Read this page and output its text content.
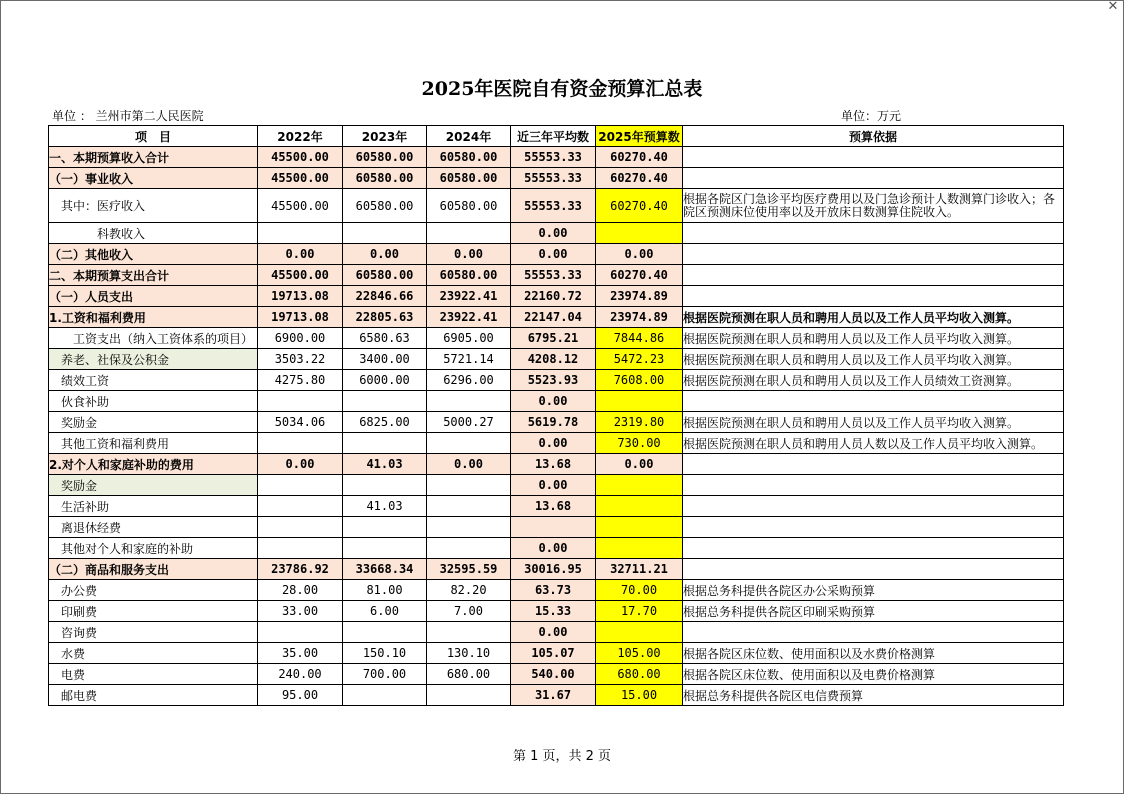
✕
2025年医院自有资金预算汇总表
单位 ： 兰州市第二人民医院	单位：万元
项　目	2022年	2023年	2024年	近三年平均数	2025年预算数	预算依据
一、本期预算收入合计	45500.00	60580.00	60580.00	55553.33	60270.40	
（一）事业收入	45500.00	60580.00	60580.00	55553.33	60270.40	
　其中：医疗收入	45500.00	60580.00	60580.00	55553.33	60270.40	根据各院区门急诊平均医疗费用以及门急诊预计人数测算门诊收入；各院区预测床位使用率以及开放床日数测算住院收入。
　　　　科教收入				0.00		
（二）其他收入	0.00	0.00	0.00	0.00	0.00	
二、本期预算支出合计	45500.00	60580.00	60580.00	55553.33	60270.40	
（一）人员支出	19713.08	22846.66	23922.41	22160.72	23974.89	
1.工资和福利费用	19713.08	22805.63	23922.41	22147.04	23974.89	根据医院预测在职人员和聘用人员以及工作人员平均收入测算。
　　工资支出（纳入工资体系的项目）	6900.00	6580.63	6905.00	6795.21	7844.86	根据医院预测在职人员和聘用人员以及工作人员平均收入测算。
　养老、社保及公积金	3503.22	3400.00	5721.14	4208.12	5472.23	根据医院预测在职人员和聘用人员以及工作人员平均收入测算。
　绩效工资	4275.80	6000.00	6296.00	5523.93	7608.00	根据医院预测在职人员和聘用人员以及工作人员绩效工资测算。
　伙食补助				0.00		
　奖励金	5034.06	6825.00	5000.27	5619.78	2319.80	根据医院预测在职人员和聘用人员以及工作人员平均收入测算。
　其他工资和福利费用				0.00	730.00	根据医院预测在职人员和聘用人员人数以及工作人员平均收入测算。
2.对个人和家庭补助的费用	0.00	41.03	0.00	13.68	0.00	
　奖励金				0.00		
　生活补助		41.03		13.68		
　离退休经费						
　其他对个人和家庭的补助				0.00		
（二）商品和服务支出	23786.92	33668.34	32595.59	30016.95	32711.21	
　办公费	28.00	81.00	82.20	63.73	70.00	根据总务科提供各院区办公采购预算
　印刷费	33.00	6.00	7.00	15.33	17.70	根据总务科提供各院区印刷采购预算
　咨询费				0.00		
　水费	35.00	150.10	130.10	105.07	105.00	根据各院区床位数、使用面积以及水费价格测算
　电费	240.00	700.00	680.00	540.00	680.00	根据各院区床位数、使用面积以及电费价格测算
　邮电费	95.00			31.67	15.00	根据总务科提供各院区电信费预算
第 1 页，共 2 页
